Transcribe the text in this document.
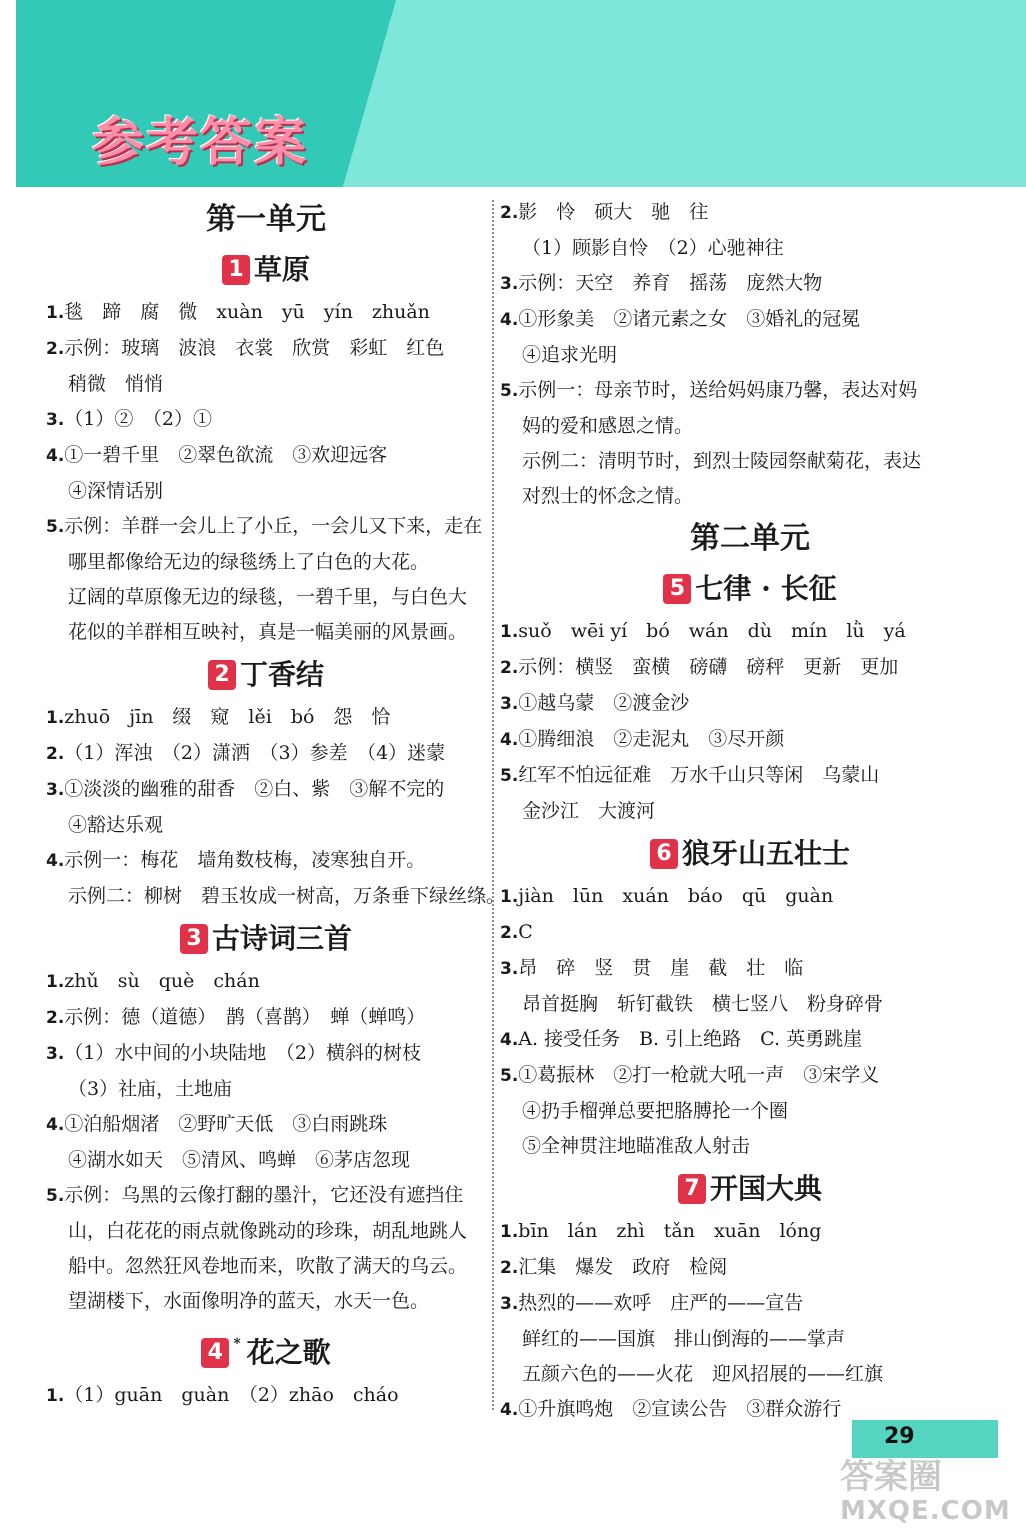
参考答案
第一单元
1 草原
1.毯　蹄　腐　微　xuàn　yū　yín　zhuǎn
2.示例：玻璃　波浪　衣裳　欣赏　彩虹　红色
稍微　悄悄
3.（1）②　（2）①
4.①一碧千里　②翠色欲流　③欢迎远客
④深情话别
5.示例：羊群一会儿上了小丘，一会儿又下来，走在
哪里都像给无边的绿毯绣上了白色的大花。
辽阔的草原像无边的绿毯，一碧千里，与白色大
花似的羊群相互映衬，真是一幅美丽的风景画。
2 丁香结
1.zhuō　jīn　缀　窥　lěi　bó　怨　恰
2.（1）浑浊　（2）潇洒　（3）参差　（4）迷蒙
3.①淡淡的幽雅的甜香　②白、紫　③解不完的
④豁达乐观
4.示例一：梅花　墙角数枝梅，凌寒独自开。
示例二：柳树　碧玉妆成一树高，万条垂下绿丝绦。
3 古诗词三首
1.zhǔ　sù　què　chán
2.示例：德（道德）　鹊（喜鹊）　蝉（蝉鸣）
3.（1）水中间的小块陆地　（2）横斜的树枝
（3）社庙，土地庙
4.①泊船烟渚　②野旷天低　③白雨跳珠
④湖水如天　⑤清风、鸣蝉　⑥茅店忽现
5.示例：乌黑的云像打翻的墨汁，它还没有遮挡住
山，白花花的雨点就像跳动的珍珠，胡乱地跳人
船中。忽然狂风卷地而来，吹散了满天的乌云。
望湖楼下，水面像明净的蓝天，水天一色。
4 * 花之歌
1.（1）guān　guàn　（2）zhāo　cháo
2.影　怜　硕大　驰　往
（1）顾影自怜　（2）心驰神往
3.示例：天空　养育　摇荡　庞然大物
4.①形象美　②诸元素之女　③婚礼的冠冕
④追求光明
5.示例一：母亲节时，送给妈妈康乃馨，表达对妈
妈的爱和感恩之情。
示例二：清明节时，到烈士陵园祭献菊花，表达
对烈士的怀念之情。
第二单元
5 七律 · 长征
1.suǒ　wēi yí　bó　wán　dù　mín　lǜ　yá
2.示例：横竖　蛮横　磅礴　磅秤　更新　更加
3.①越乌蒙　②渡金沙
4.①腾细浪　②走泥丸　③尽开颜
5.红军不怕远征难　万水千山只等闲　乌蒙山
金沙江　大渡河
6 狼牙山五壮士
1.jiàn　lūn　xuán　báo　qū　guàn
2.C
3.昂　碎　竖　贯　崖　截　壮　临
昂首挺胸　斩钉截铁　横七竖八　粉身碎骨
4.A. 接受任务　B. 引上绝路　C. 英勇跳崖
5.①葛振林　②打一枪就大吼一声　③宋学义
④扔手榴弹总要把胳膊抡一个圈
⑤全神贯注地瞄准敌人射击
7 开国大典
1.bīn　lán　zhì　tǎn　xuān　lóng
2.汇集　爆发　政府　检阅
3.热烈的——欢呼　庄严的——宣告
鲜红的——国旗　排山倒海的——掌声
五颜六色的——火花　迎风招展的——红旗
4.①升旗鸣炮　②宣读公告　③群众游行
29
答案圈
MXQE.COM
